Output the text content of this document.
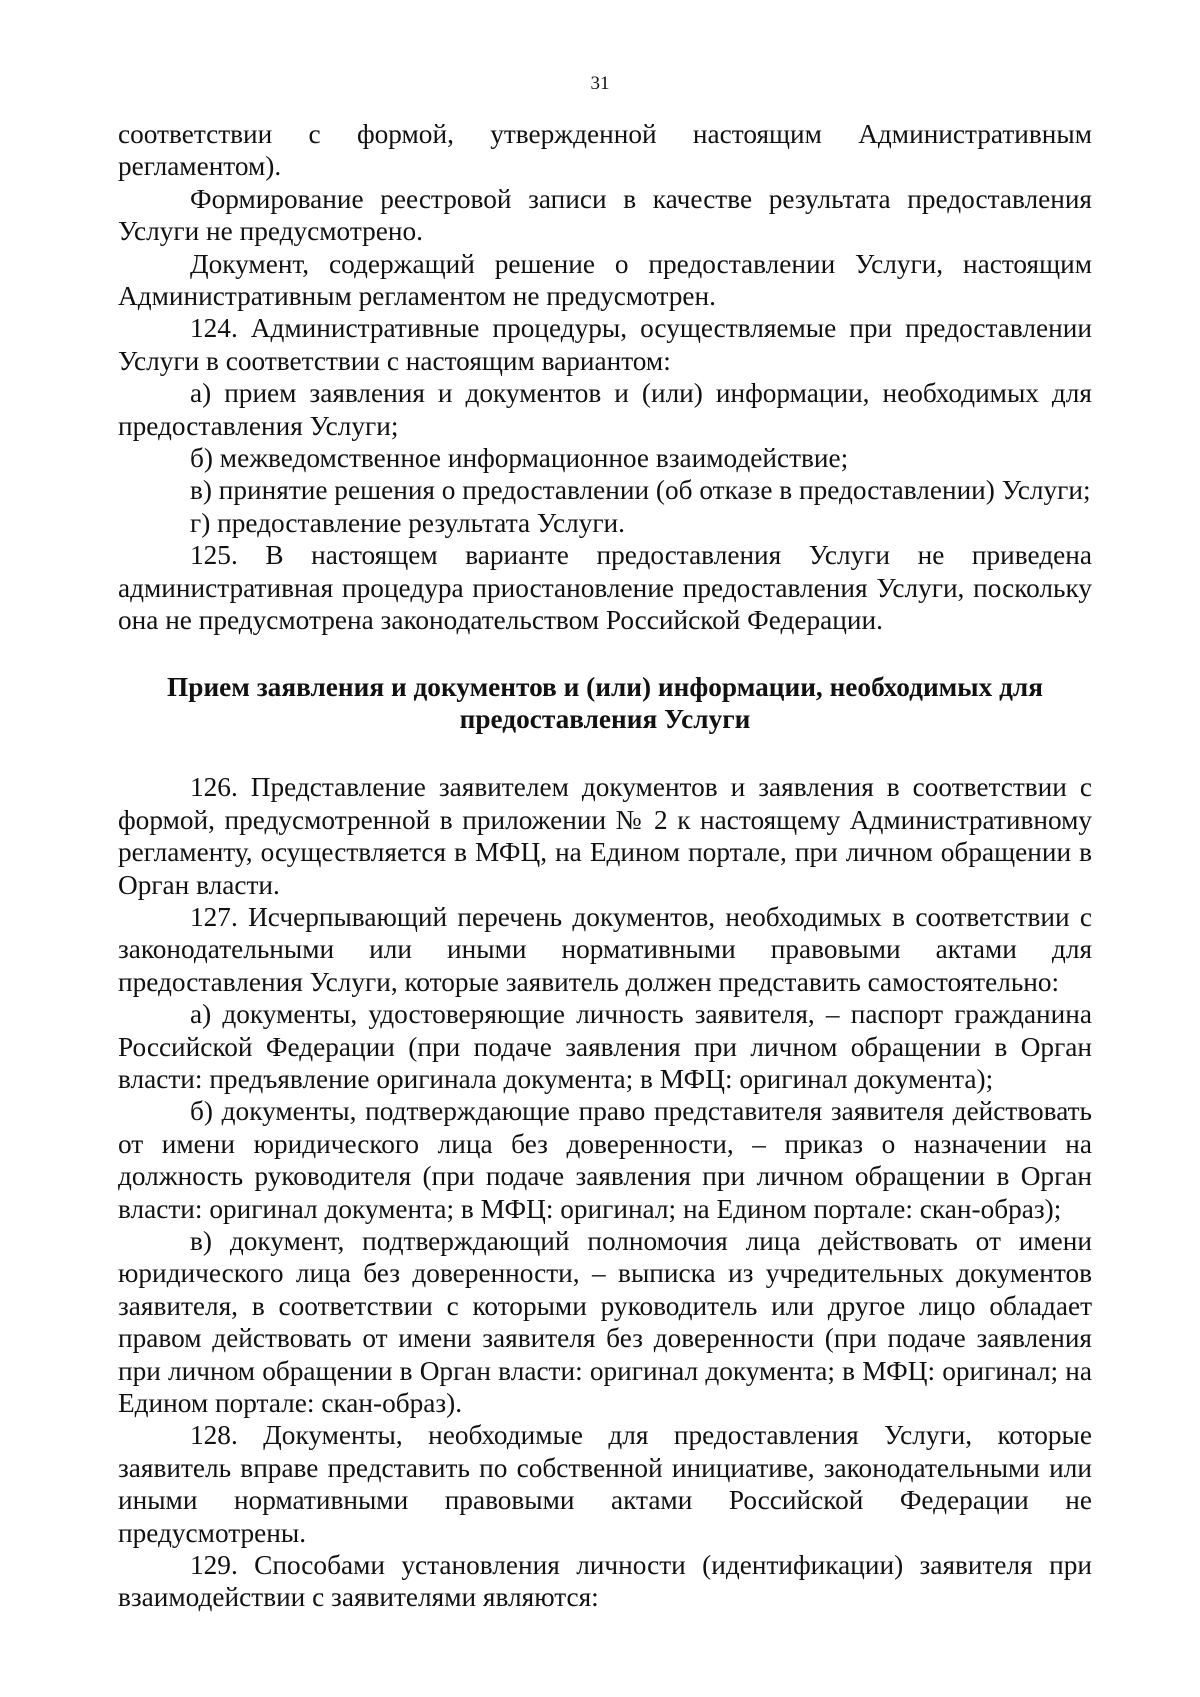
31

соответствии с формой, утвержденной настоящим Административным регламентом).

Формирование реестровой записи в качестве результата предоставления Услуги не предусмотрено.

Документ, содержащий решение о предоставлении Услуги, настоящим Административным регламентом не предусмотрен.

124. Административные процедуры, осуществляемые при предоставлении Услуги в соответствии с настоящим вариантом:

а) прием заявления и документов и (или) информации, необходимых для предоставления Услуги;

б) межведомственное информационное взаимодействие;

в) принятие решения о предоставлении (об отказе в предоставлении) Услуги;

г) предоставление результата Услуги.

125. В настоящем варианте предоставления Услуги не приведена административная процедура приостановление предоставления Услуги, поскольку она не предусмотрена законодательством Российской Федерации.

Прием заявления и документов и (или) информации, необходимых для предоставления Услуги

126. Представление заявителем документов и заявления в соответствии с формой, предусмотренной в приложении № 2 к настоящему Административному регламенту, осуществляется в МФЦ, на Едином портале, при личном обращении в Орган власти.

127. Исчерпывающий перечень документов, необходимых в соответствии с законодательными или иными нормативными правовыми актами для предоставления Услуги, которые заявитель должен представить самостоятельно:

а) документы, удостоверяющие личность заявителя, – паспорт гражданина Российской Федерации (при подаче заявления при личном обращении в Орган власти: предъявление оригинала документа; в МФЦ: оригинал документа);

б) документы, подтверждающие право представителя заявителя действовать от имени юридического лица без доверенности, – приказ о назначении на должность руководителя (при подаче заявления при личном обращении в Орган власти: оригинал документа; в МФЦ: оригинал; на Едином портале: скан-образ);

в) документ, подтверждающий полномочия лица действовать от имени юридического лица без доверенности, – выписка из учредительных документов заявителя, в соответствии с которыми руководитель или другое лицо обладает правом действовать от имени заявителя без доверенности (при подаче заявления при личном обращении в Орган власти: оригинал документа; в МФЦ: оригинал; на Едином портале: скан-образ).

128. Документы, необходимые для предоставления Услуги, которые заявитель вправе представить по собственной инициативе, законодательными или иными нормативными правовыми актами Российской Федерации не предусмотрены.

129. Способами установления личности (идентификации) заявителя при взаимодействии с заявителями являются:
